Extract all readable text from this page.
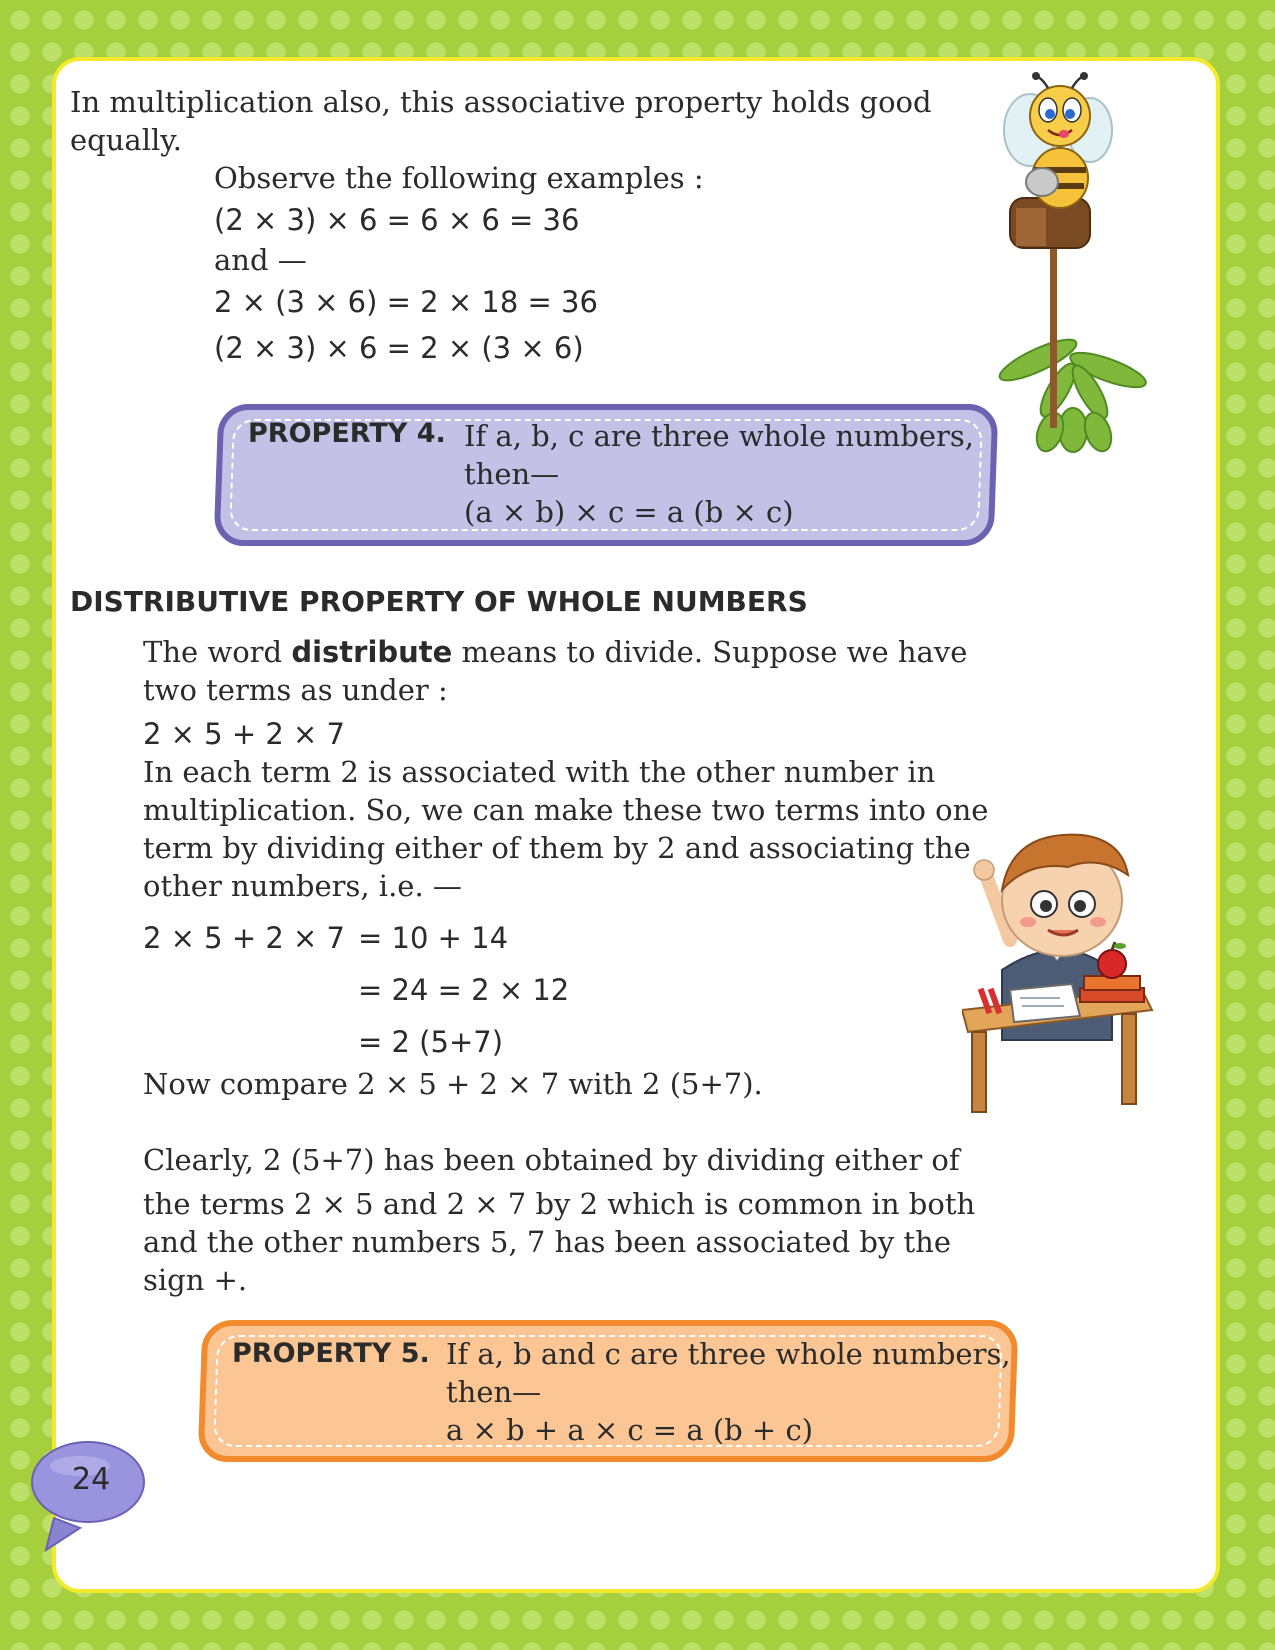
In multiplication also, this associative property holds good

equally.

Observe the following examples :

(2 × 3) × 6 = 6 × 6 = 36

and —

2 × (3 × 6) = 2 × 18 = 36

(2 × 3) × 6 = 2 × (3 × 6)

PROPERTY 4. If a, b, c are three whole numbers,
then—
(a × b) × c = a (b × c)
DISTRIBUTIVE PROPERTY OF WHOLE NUMBERS

The word distribute means to divide. Suppose we have

two terms as under :

2 × 5 + 2 × 7

In each term 2 is associated with the other number in

multiplication. So, we can make these two terms into one

term by dividing either of them by 2 and associating the

other numbers, i.e. —

2 × 5 + 2 × 7 = 10 + 14

= 24 = 2 × 12

= 2 (5+7)

Now compare 2 × 5 + 2 × 7 with 2 (5+7).

Clearly, 2 (5+7) has been obtained by dividing either of

the terms 2 × 5 and 2 × 7 by 2 which is common in both

and the other numbers 5, 7 has been associated by the

sign +.

PROPERTY 5. If a, b and c are three whole numbers,
then—
a × b + a × c = a (b + c)
24
